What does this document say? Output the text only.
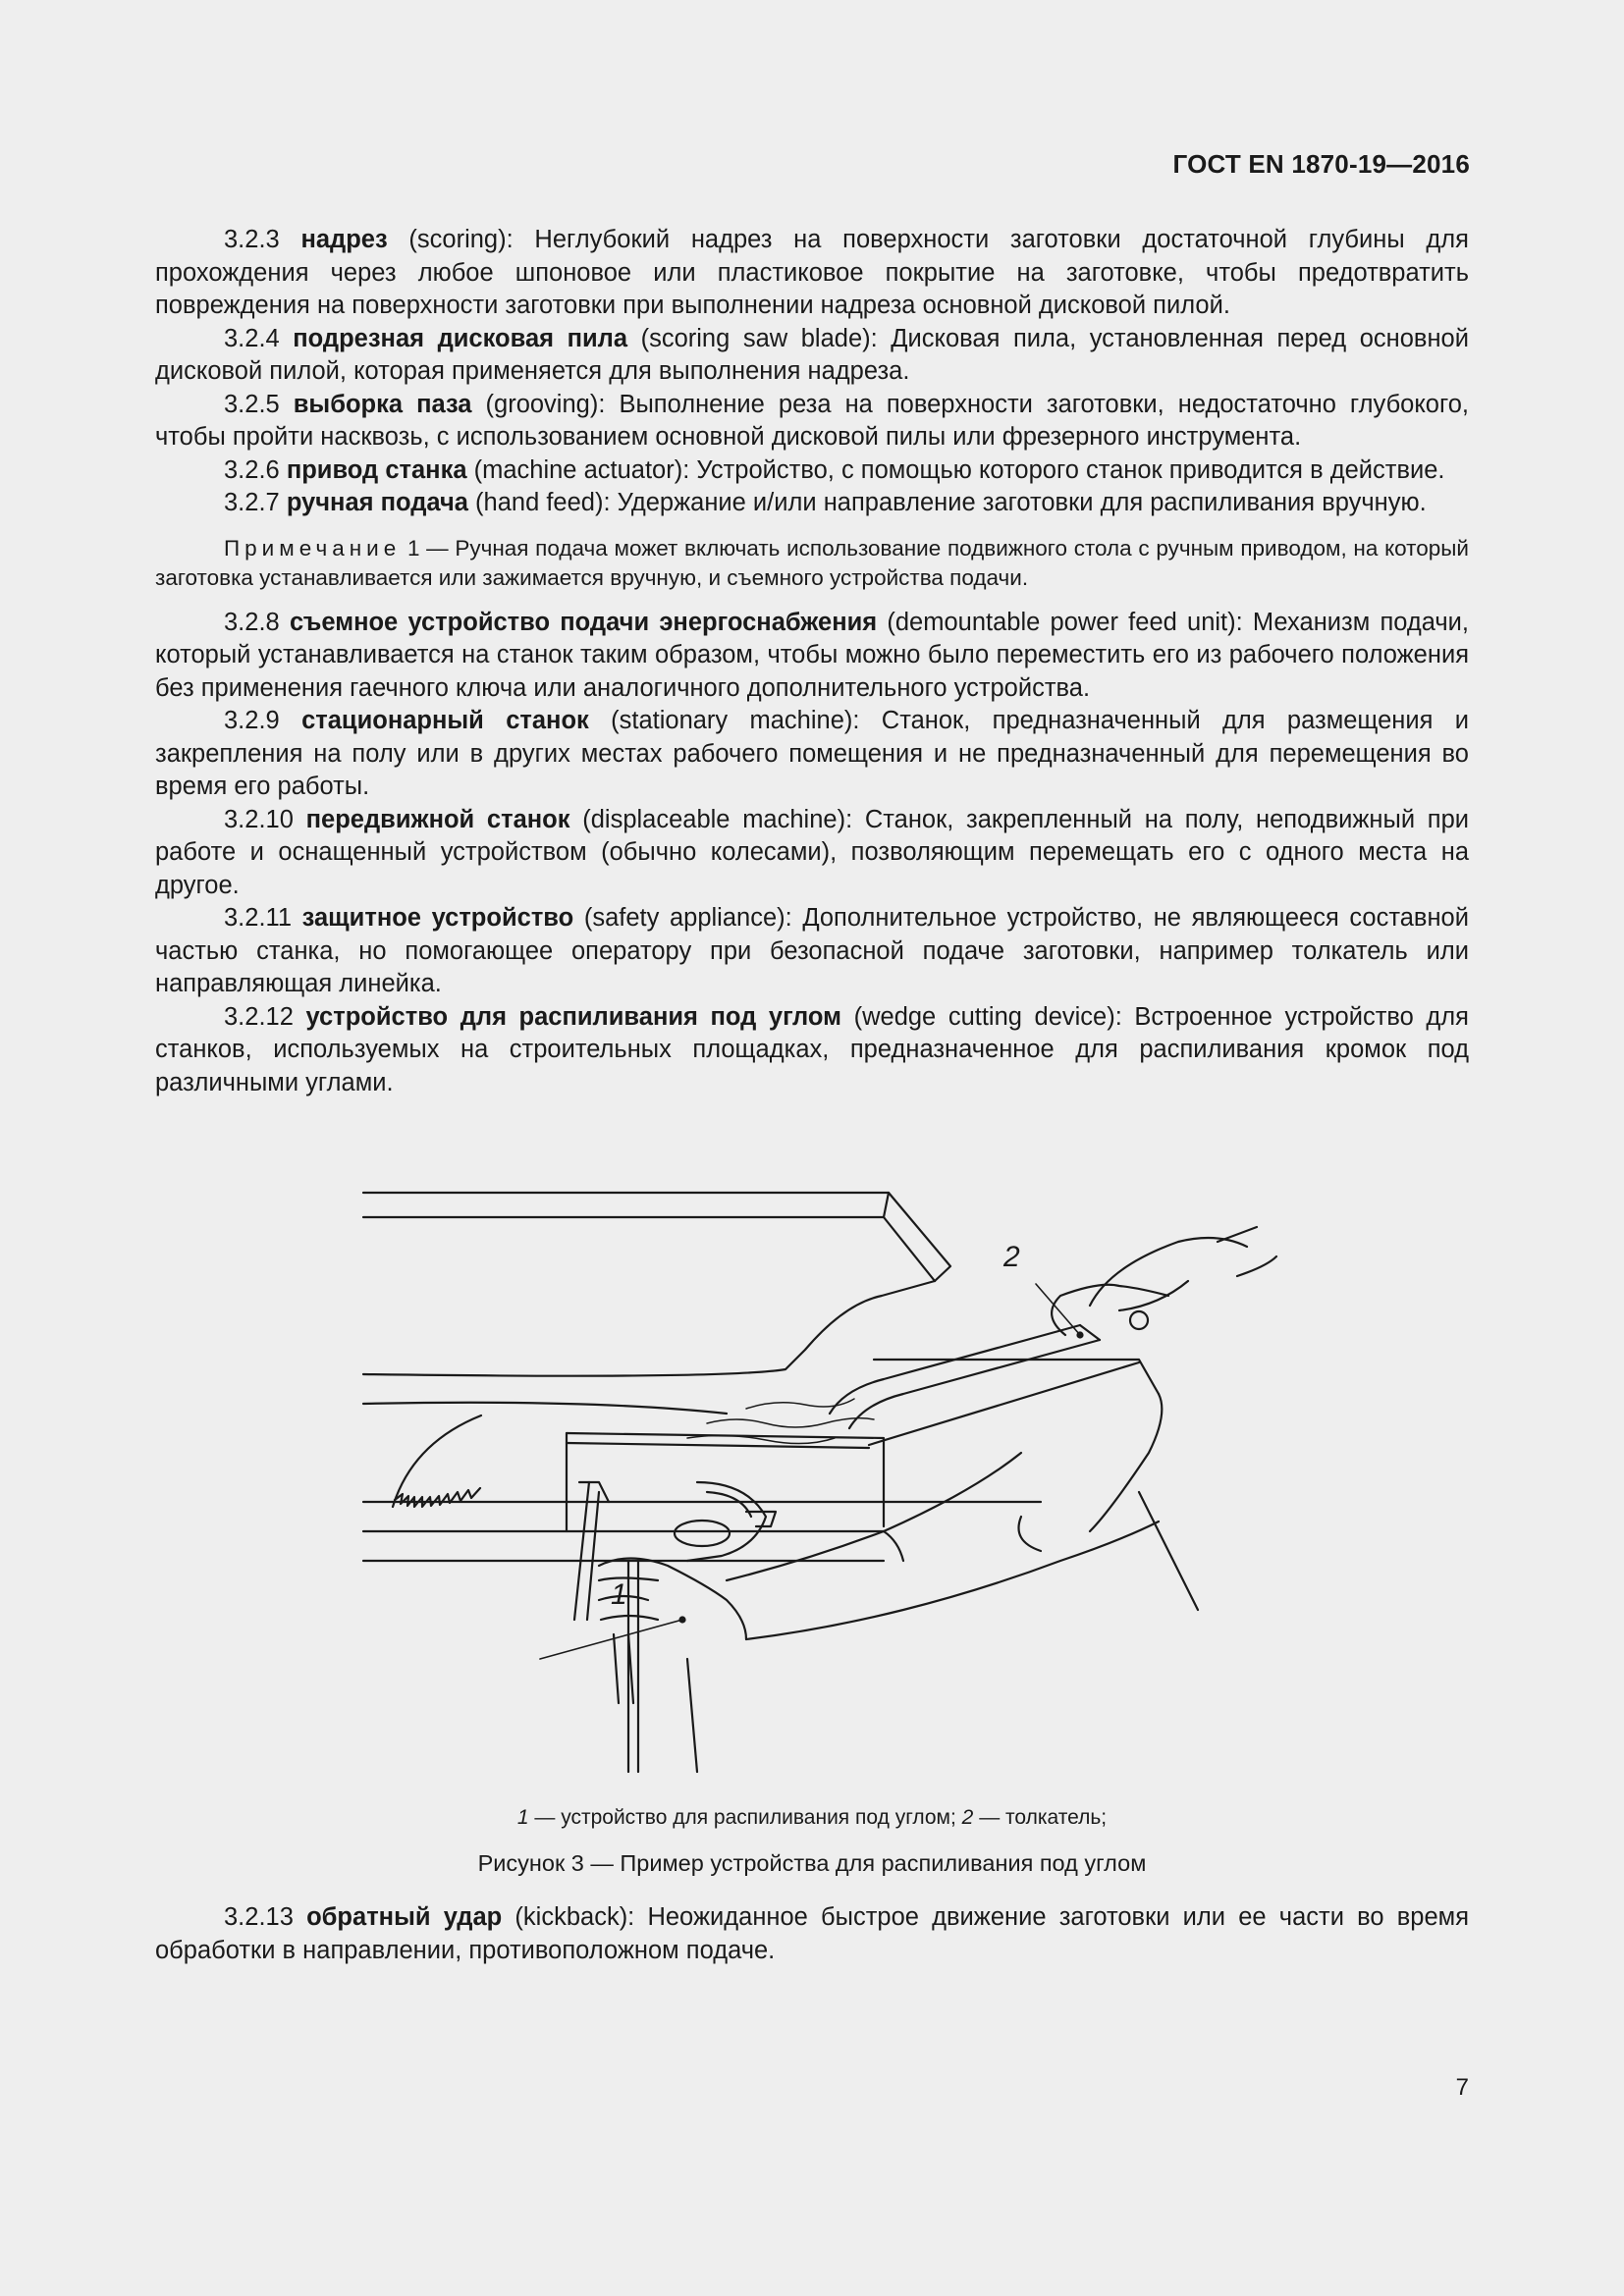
ГОСТ EN 1870-19—2016

3.2.3 надрез (scoring): Неглубокий надрез на поверхности заготовки достаточной глубины для прохождения через любое шпоновое или пластиковое покрытие на заготовке, чтобы предотвратить повреждения на поверхности заготовки при выполнении надреза основной дисковой пилой.

3.2.4 подрезная дисковая пила (scoring saw blade): Дисковая пила, установленная перед основной дисковой пилой, которая применяется для выполнения надреза.

3.2.5 выборка паза (grooving): Выполнение реза на поверхности заготовки, недостаточно глубокого, чтобы пройти насквозь, с использованием основной дисковой пилы или фрезерного инструмента.

3.2.6 привод станка (machine actuator): Устройство, с помощью которого станок приводится в действие.

3.2.7 ручная подача (hand feed): Удержание и/или направление заготовки для распиливания вручную.

Примечание 1 — Ручная подача может включать использование подвижного стола с ручным приводом, на который заготовка устанавливается или зажимается вручную, и съемного устройства подачи.

3.2.8 съемное устройство подачи энергоснабжения (demountable power feed unit): Механизм подачи, который устанавливается на станок таким образом, чтобы можно было переместить его из рабочего положения без применения гаечного ключа или аналогичного дополнительного устройства.

3.2.9 стационарный станок (stationary machine): Станок, предназначенный для размещения и закрепления на полу или в других местах рабочего помещения и не предназначенный для перемещения во время его работы.

3.2.10 передвижной станок (displaceable machine): Станок, закрепленный на полу, неподвижный при работе и оснащенный устройством (обычно колесами), позволяющим перемещать его с одного места на другое.

3.2.11 защитное устройство (safety appliance): Дополнительное устройство, не являющееся составной частью станка, но помогающее оператору при безопасной подаче заготовки, например толкатель или направляющая линейка.

3.2.12 устройство для распиливания под углом (wedge cutting device): Встроенное устройство для станков, используемых на строительных площадках, предназначенное для распиливания кромок под различными углами.

1
2
1 — устройство для распиливания под углом; 2 — толкатель;
Рисунок 3 — Пример устройства для распиливания под углом

3.2.13 обратный удар (kickback): Неожиданное быстрое движение заготовки или ее части во время обработки в направлении, противоположном подаче.

7
